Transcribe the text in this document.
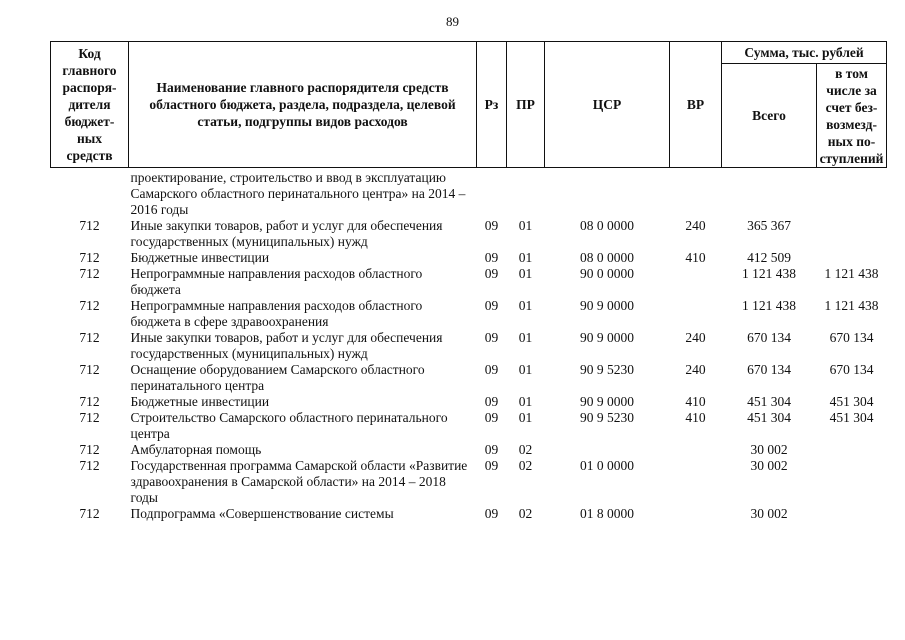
89
Код главного распоря-дителя бюджет-ных средств	Наименование главного распорядителя средств областного бюджета, раздела, подраздела, целевой статьи, подгруппы видов расходов	Рз	ПР	ЦСР	ВР	Сумма, тыс. рублей	
						Всего	в том числе за счет без-возмезд-ных по-ступлений
	проектирование, строительство и ввод в эксплуатацию Самарского областного перинатального центра» на 2014 – 2016 годы						
712	Иные закупки товаров, работ и услуг для обеспечения государственных (муниципальных) нужд	09	01	08 0 0000	240	365 367	
712	Бюджетные инвестиции	09	01	08 0 0000	410	412 509	
712	Непрограммные направления расходов областного бюджета	09	01	90 0 0000		1 121 438	1 121 438
712	Непрограммные направления расходов областного бюджета в сфере здравоохранения	09	01	90 9 0000		1 121 438	1 121 438
712	Иные закупки товаров, работ и услуг для обеспечения государственных (муниципальных) нужд	09	01	90 9 0000	240	670 134	670 134
712	Оснащение оборудованием Самарского областного перинатального центра	09	01	90 9 5230	240	670 134	670 134
712	Бюджетные инвестиции	09	01	90 9 0000	410	451 304	451 304
712	Строительство Самарского областного перинатального центра	09	01	90 9 5230	410	451 304	451 304
712	Амбулаторная помощь	09	02			30 002	
712	Государственная программа Самарской области «Развитие здравоохранения в Самарской области» на 2014 – 2018 годы	09	02	01 0 0000		30 002	
712	Подпрограмма «Совершенствование системы	09	02	01 8 0000		30 002	
